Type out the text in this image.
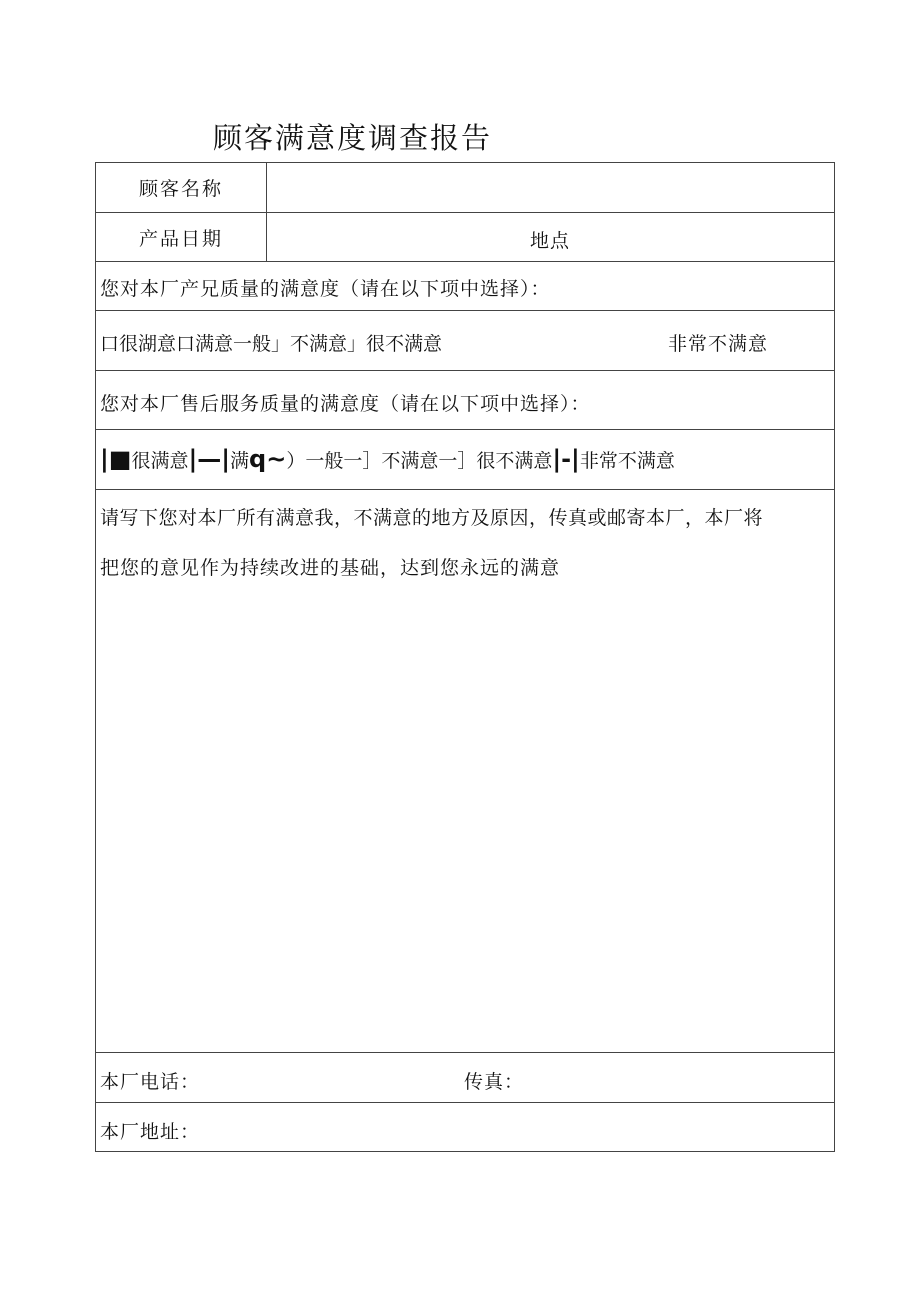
顾客满意度调查报告
顾客名称
产品日期	地点
您对本厂产兄质量的满意度（请在以下项中选择）：
口很湖意口满意一般」不满意」很不满意	非常不满意
您对本厂售后服务质量的满意度（请在以下项中选择）：
|■ 很满意 |—| 满 q~ ）一般一］不满意一］很不满意 |-| 非常不满意
请写下您对本厂所有满意我，不满意的地方及原因，传真或邮寄本厂，本厂将
把您的意见作为持续改进的基础，达到您永远的满意
本厂电话：	传真：
本厂地址：
